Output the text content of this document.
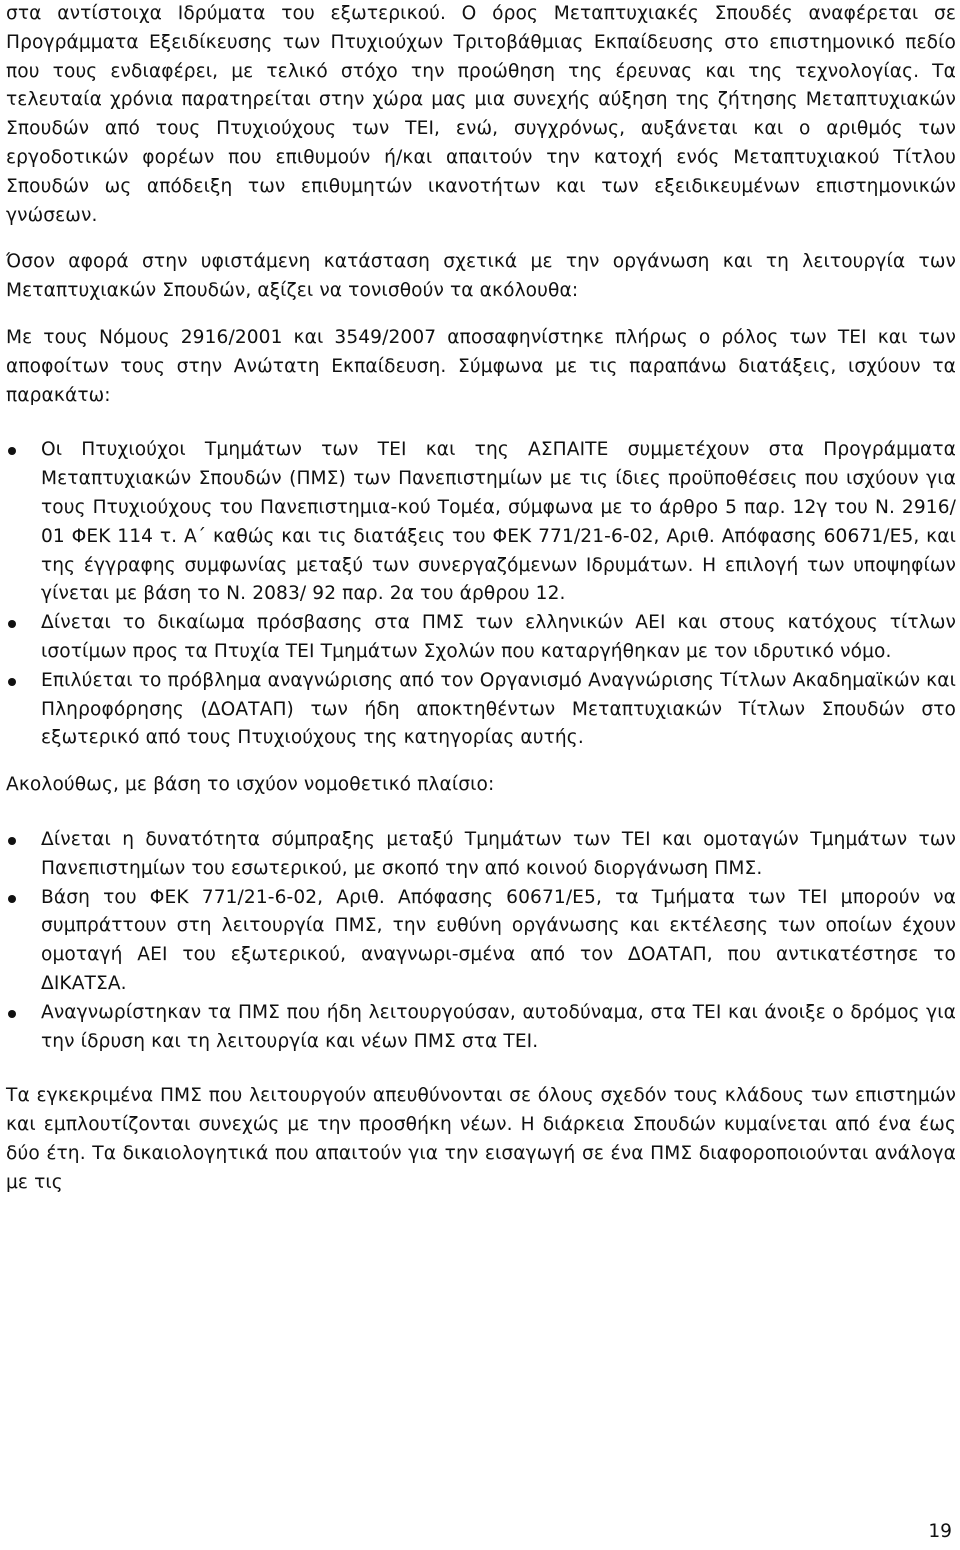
στα αντίστοιχα Ιδρύματα του εξωτερικού. Ο όρος Μεταπτυχιακές Σπουδές αναφέρεται σε Προγράμματα Εξειδίκευσης των Πτυχιούχων Τριτοβάθμιας Εκπαίδευσης στο επιστημονικό πεδίο που τους ενδιαφέρει, με τελικό στόχο την προώθηση της έρευνας και της τεχνολογίας. Τα τελευταία χρόνια παρατηρείται στην χώρα μας μια συνεχής αύξηση της ζήτησης Μεταπτυχιακών Σπουδών από τους Πτυχιούχους των ΤΕΙ, ενώ, συγχρόνως, αυξάνεται και ο αριθμός των εργοδοτικών φορέων που επιθυμούν ή/και απαιτούν την κατοχή ενός Μεταπτυχιακού Τίτλου Σπουδών ως απόδειξη των επιθυμητών ικανοτήτων και των εξειδικευμένων επιστημονικών γνώσεων.

Όσον αφορά στην υφιστάμενη κατάσταση σχετικά με την οργάνωση και τη λειτουργία των Μεταπτυχιακών Σπουδών, αξίζει να τονισθούν τα ακόλουθα:

Με τους Νόμους 2916/2001 και 3549/2007 αποσαφηνίστηκε πλήρως ο ρόλος των ΤΕΙ και των αποφοίτων τους στην Ανώτατη Εκπαίδευση. Σύμφωνα με τις παραπάνω διατάξεις, ισχύουν τα παρακάτω:

Οι Πτυχιούχοι Τμημάτων των ΤΕΙ και της ΑΣΠΑΙΤΕ συμμετέχουν στα Προγράμματα Μεταπτυχιακών Σπουδών (ΠΜΣ) των Πανεπιστημίων με τις ίδιες προϋποθέσεις που ισχύουν για τους Πτυχιούχους του Πανεπιστημια-κού Τομέα, σύμφωνα με το άρθρο 5 παρ. 12γ του Ν. 2916/ 01 ΦΕΚ 114 τ. Α΄ καθώς και τις διατάξεις του ΦΕΚ 771/21-6-02, Αριθ. Απόφασης 60671/Ε5, και της έγγραφης συμφωνίας μεταξύ των συνεργαζόμενων Ιδρυμάτων. Η επιλογή των υποψηφίων γίνεται με βάση το Ν. 2083/ 92 παρ. 2α του άρθρου 12.
Δίνεται το δικαίωμα πρόσβασης στα ΠΜΣ των ελληνικών ΑΕΙ και στους κατόχους τίτλων ισοτίμων προς τα Πτυχία ΤΕΙ Τμημάτων Σχολών που καταργήθηκαν με τον ιδρυτικό νόμο.
Επιλύεται το πρόβλημα αναγνώρισης από τον Οργανισμό Αναγνώρισης Τίτλων Ακαδημαϊκών και Πληροφόρησης (ΔΟΑΤΑΠ) των ήδη αποκτηθέντων Μεταπτυχιακών Τίτλων Σπουδών στο εξωτερικό από τους Πτυχιούχους της κατηγορίας αυτής.

Ακολούθως, με βάση το ισχύον νομοθετικό πλαίσιο:

Δίνεται η δυνατότητα σύμπραξης μεταξύ Τμημάτων των ΤΕΙ και ομοταγών Τμημάτων των Πανεπιστημίων του εσωτερικού, με σκοπό την από κοινού διοργάνωση ΠΜΣ.
Βάση του ΦΕΚ 771/21-6-02, Αριθ. Απόφασης 60671/Ε5, τα Τμήματα των ΤΕΙ μπορούν να συμπράττουν στη λειτουργία ΠΜΣ, την ευθύνη οργάνωσης και εκτέλεσης των οποίων έχουν ομοταγή ΑΕΙ του εξωτερικού, αναγνωρι-σμένα από τον ΔΟΑΤΑΠ, που αντικατέστησε το ΔΙΚΑΤΣΑ.
Αναγνωρίστηκαν τα ΠΜΣ που ήδη λειτουργούσαν, αυτοδύναμα, στα ΤΕΙ και άνοιξε ο δρόμος για την ίδρυση και τη λειτουργία και νέων ΠΜΣ στα ΤΕΙ.

Τα εγκεκριμένα ΠΜΣ που λειτουργούν απευθύνονται σε όλους σχεδόν τους κλάδους των επιστημών και εμπλουτίζονται συνεχώς με την προσθήκη νέων. Η διάρκεια Σπουδών κυμαίνεται από ένα έως δύο έτη. Τα δικαιολογητικά που απαιτούν για την εισαγωγή σε ένα ΠΜΣ διαφοροποιούνται ανάλογα με τις

19
